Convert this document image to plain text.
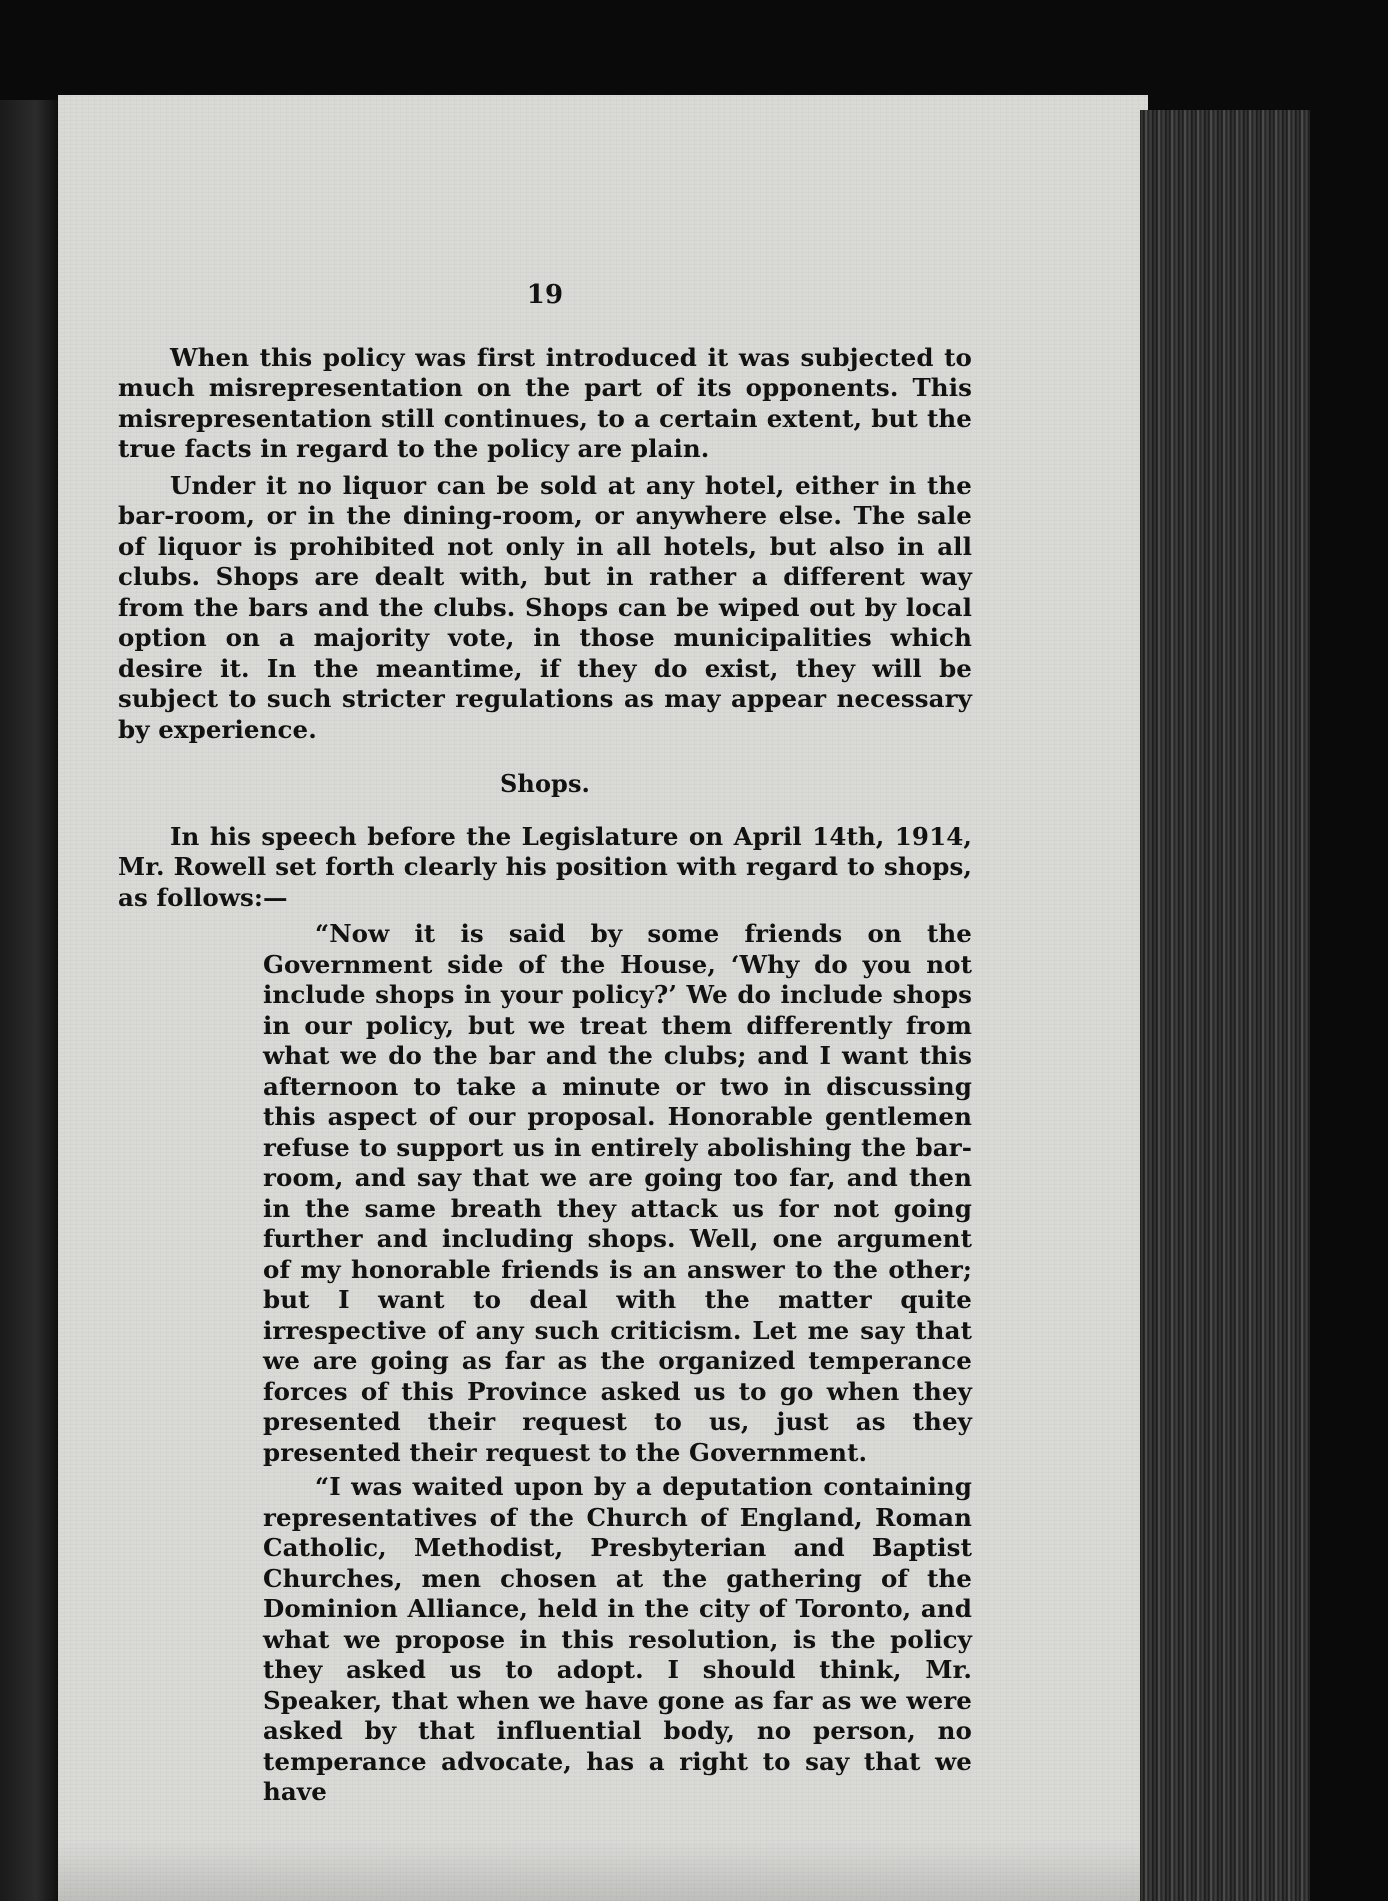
19

When this policy was first introduced it was subjected to much misrepresentation on the part of its opponents. This misrepresentation still continues, to a certain extent, but the true facts in regard to the policy are plain.

Under it no liquor can be sold at any hotel, either in the bar-room, or in the dining-room, or anywhere else. The sale of liquor is prohibited not only in all hotels, but also in all clubs. Shops are dealt with, but in rather a different way from the bars and the clubs. Shops can be wiped out by local option on a majority vote, in those municipalities which desire it. In the meantime, if they do exist, they will be subject to such stricter regulations as may appear necessary by experience.

Shops.

In his speech before the Legislature on April 14th, 1914, Mr. Rowell set forth clearly his position with regard to shops, as follows:—

“Now it is said by some friends on the Government side of the House, ‘Why do you not include shops in your policy?’ We do include shops in our policy, but we treat them differently from what we do the bar and the clubs; and I want this afternoon to take a minute or two in discussing this aspect of our proposal. Honorable gentlemen refuse to support us in entirely abolishing the bar-room, and say that we are going too far, and then in the same breath they attack us for not going further and including shops. Well, one argument of my honorable friends is an answer to the other; but I want to deal with the matter quite irrespective of any such criticism. Let me say that we are going as far as the organized temperance forces of this Province asked us to go when they presented their request to us, just as they presented their request to the Government.

“I was waited upon by a deputation containing representatives of the Church of England, Roman Catholic, Methodist, Presbyterian and Baptist Churches, men chosen at the gathering of the Dominion Alliance, held in the city of Toronto, and what we propose in this resolution, is the policy they asked us to adopt. I should think, Mr. Speaker, that when we have gone as far as we were asked by that influential body, no person, no temperance advocate, has a right to say that we have
